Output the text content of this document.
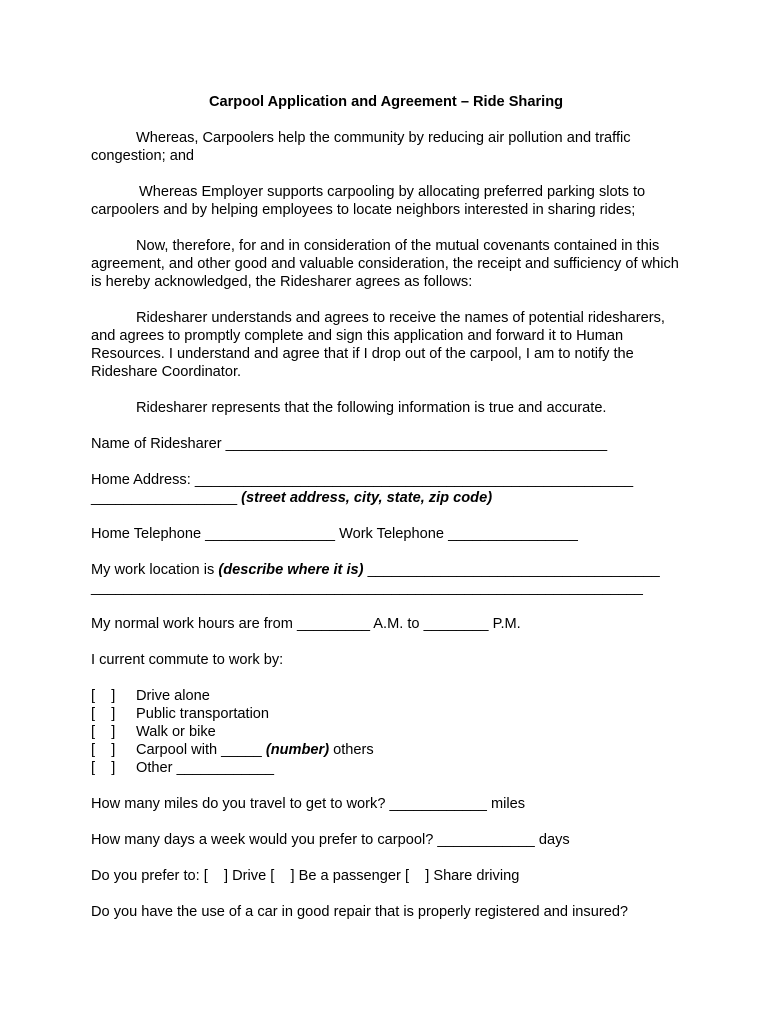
Carpool Application and Agreement – Ride Sharing

Whereas, Carpoolers help the community by reducing air pollution and traffic congestion; and

Whereas Employer supports carpooling by allocating preferred parking slots to carpoolers and by helping employees to locate neighbors interested in sharing rides;

Now, therefore, for and in consideration of the mutual covenants contained in this agreement, and other good and valuable consideration, the receipt and sufficiency of which is hereby acknowledged, the Ridesharer agrees as follows:

Ridesharer understands and agrees to receive the names of potential ridesharers, and agrees to promptly complete and sign this application and forward it to Human Resources. I understand and agree that if I drop out of the carpool, I am to notify the Rideshare Coordinator.

Ridesharer represents that the following information is true and accurate.

Name of Ridesharer _______________________________________________

Home Address: ______________________________________________________

__________________ (street address, city, state, zip code)

Home Telephone ________________ Work Telephone ________________

My work location is (describe where it is) ____________________________________

____________________________________________________________________

My normal work hours are from _________ A.M. to ________ P.M.

I current commute to work by:

[    ] Drive alone
[    ] Public transportation
[    ] Walk or bike
[    ] Carpool with _____ (number) others
[    ] Other ____________

How many miles do you travel to get to work? ____________ miles

How many days a week would you prefer to carpool? ____________ days

Do you prefer to: [    ] Drive [    ] Be a passenger [    ] Share driving

Do you have the use of a car in good repair that is properly registered and insured?
